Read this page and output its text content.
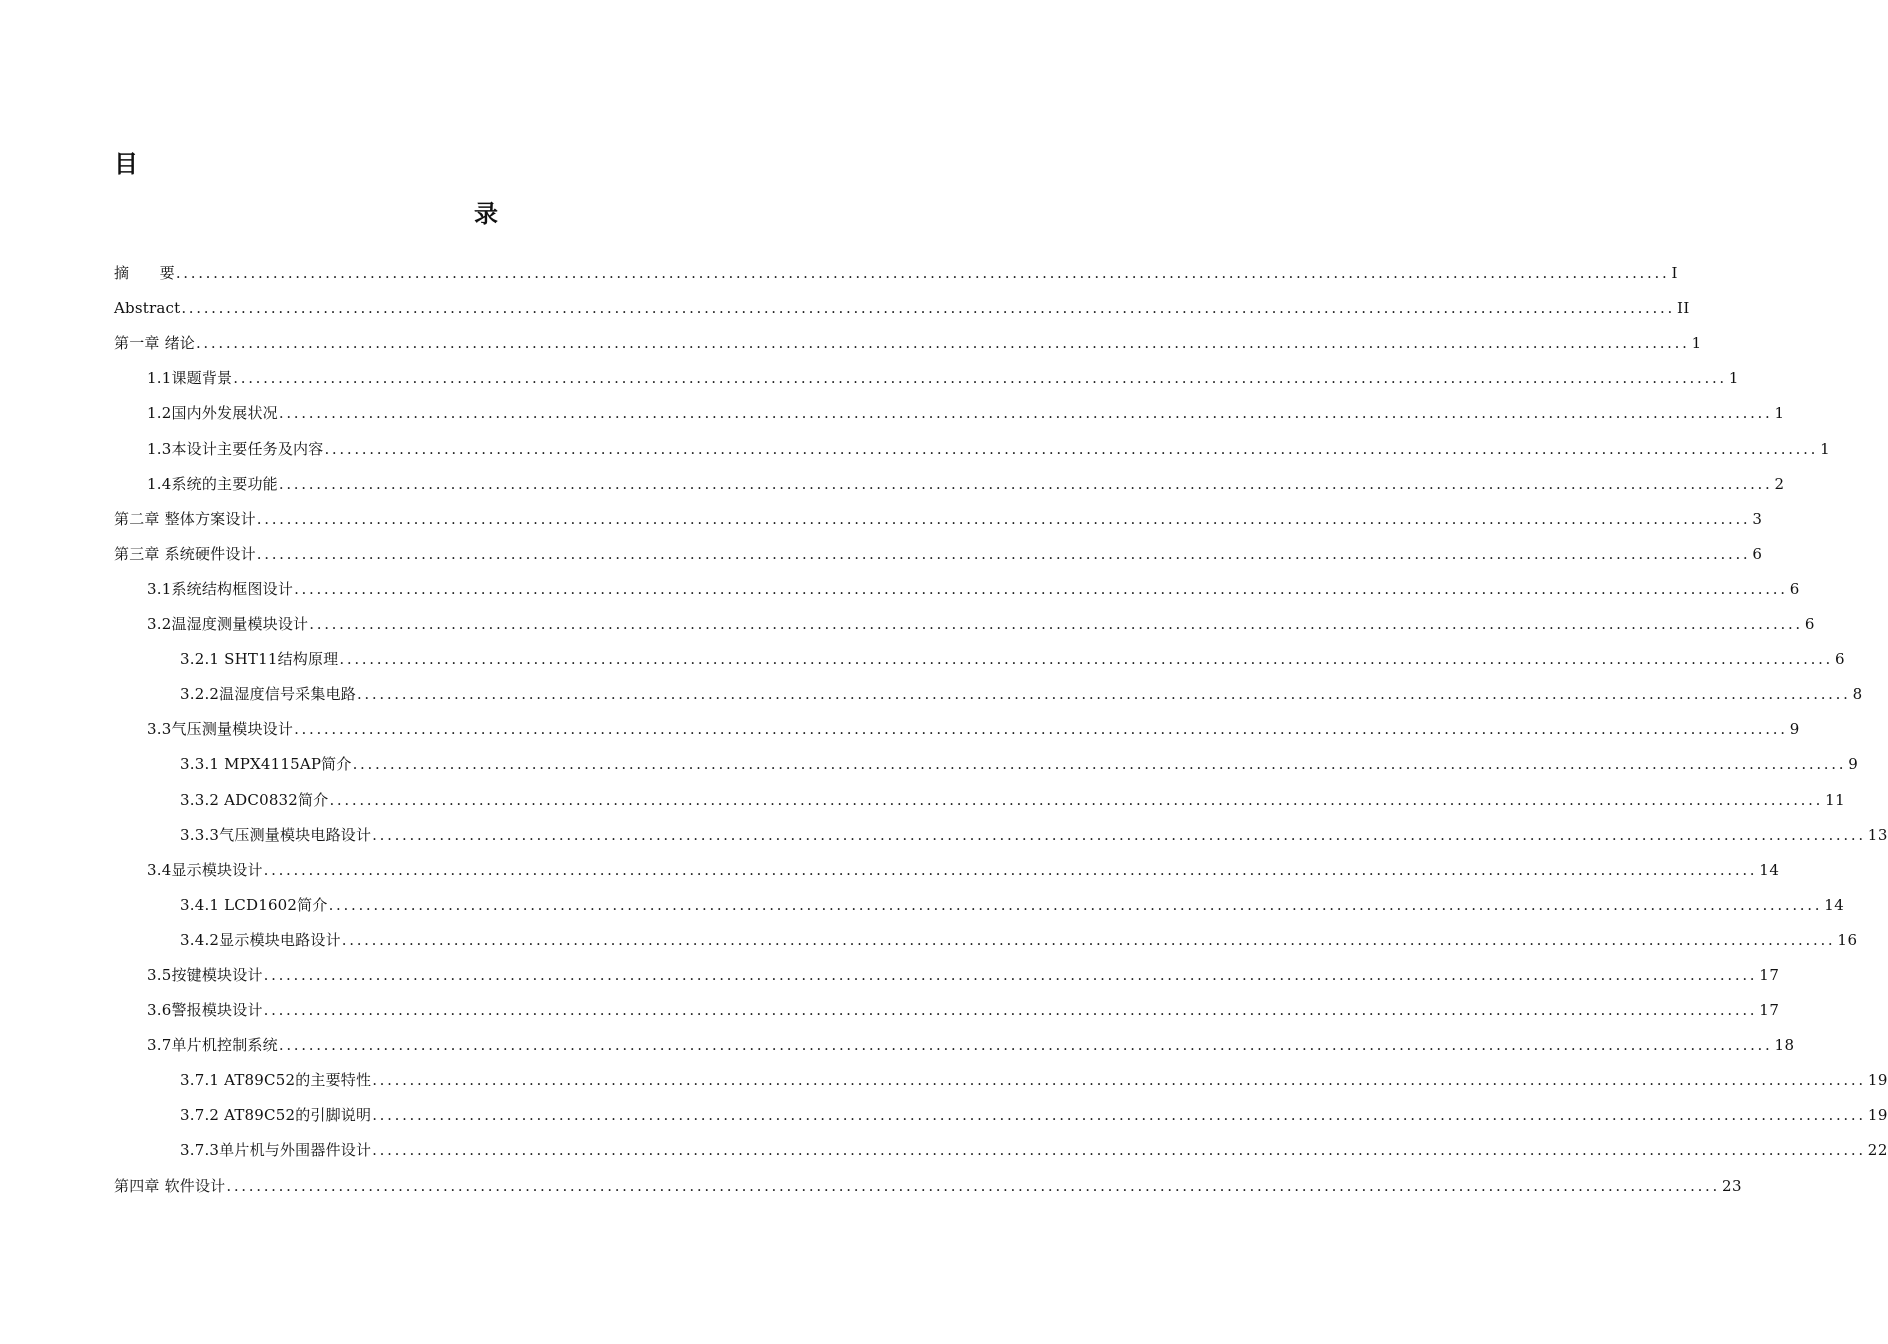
目
录
摘　　要 ........................................................................................................................................................................................................ I
Abstract ........................................................................................................................................................................................................ II
第一章 绪论 ........................................................................................................................................................................................................ 1
1.1课题背景 ........................................................................................................................................................................................................ 1
1.2国内外发展状况 ........................................................................................................................................................................................................ 1
1.3本设计主要任务及内容 ........................................................................................................................................................................................................ 1
1.4系统的主要功能 ........................................................................................................................................................................................................ 2
第二章 整体方案设计 ........................................................................................................................................................................................................ 3
第三章 系统硬件设计 ........................................................................................................................................................................................................ 6
3.1系统结构框图设计 ........................................................................................................................................................................................................ 6
3.2温湿度测量模块设计 ........................................................................................................................................................................................................ 6
3.2.1 SHT11结构原理 ........................................................................................................................................................................................................ 6
3.2.2温湿度信号采集电路 ........................................................................................................................................................................................................ 8
3.3气压测量模块设计 ........................................................................................................................................................................................................ 9
3.3.1 MPX4115AP简介 ........................................................................................................................................................................................................ 9
3.3.2 ADC0832简介 ........................................................................................................................................................................................................ 11
3.3.3气压测量模块电路设计 ........................................................................................................................................................................................................ 13
3.4显示模块设计 ........................................................................................................................................................................................................ 14
3.4.1 LCD1602简介 ........................................................................................................................................................................................................ 14
3.4.2显示模块电路设计 ........................................................................................................................................................................................................ 16
3.5按键模块设计 ........................................................................................................................................................................................................ 17
3.6警报模块设计 ........................................................................................................................................................................................................ 17
3.7单片机控制系统 ........................................................................................................................................................................................................ 18
3.7.1 AT89C52的主要特性 ........................................................................................................................................................................................................ 19
3.7.2 AT89C52的引脚说明 ........................................................................................................................................................................................................ 19
3.7.3单片机与外围器件设计 ........................................................................................................................................................................................................ 22
第四章 软件设计 ........................................................................................................................................................................................................ 23
